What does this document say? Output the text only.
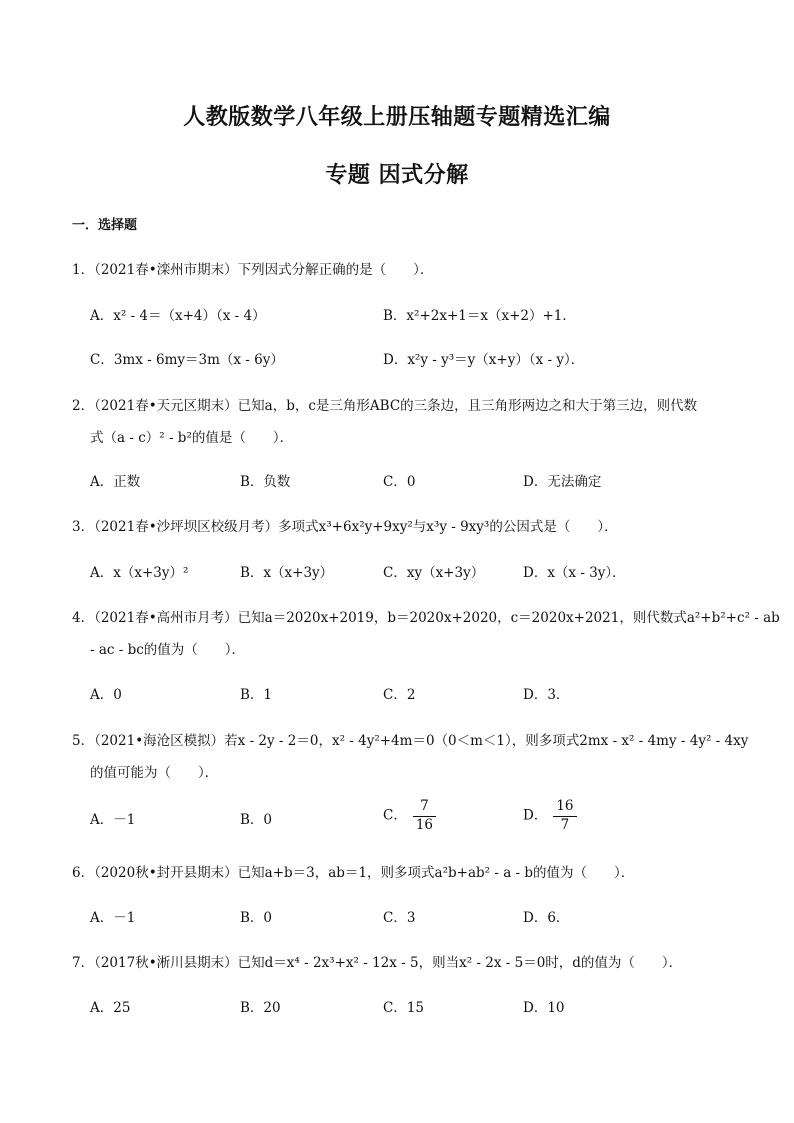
人教版数学八年级上册压轴题专题精选汇编
专题 因式分解
一．选择题
1．（2021春•滦州市期末）下列因式分解正确的是（　　）．
A．x² - 4＝（x+4）（x - 4）	B．x²+2x+1＝x（x+2）+1．
C．3mx - 6my＝3m（x - 6y）	D．x²y - y³＝y（x+y）（x - y）．
2．（2021春•天元区期末）已知a，b，c是三角形ABC的三条边，且三角形两边之和大于第三边，则代数
式（a - c）² - b²的值是（　　）．
A．正数	B．负数	C．0	D．无法确定
3．（2021春•沙坪坝区校级月考）多项式x³+6x²y+9xy²与x³y - 9xy³的公因式是（　　）．
A．x（x+3y）²	B．x（x+3y）	C．xy（x+3y）	D．x（x - 3y）．
4．（2021春•高州市月考）已知a＝2020x+2019，b＝2020x+2020，c＝2020x+2021，则代数式a²+b²+c² - ab
- ac - bc的值为（　　）．
A．0	B．1	C．2	D．3．
5．（2021•海沧区模拟）若x - 2y - 2＝0，x² - 4y²+4m＝0（0＜m＜1），则多项式2mx - x² - 4my - 4y² - 4xy
的值可能为（　　）．
A．－1	B．0	C． $\frac{7}{16}$	D． $\frac{16}{7}$
6．（2020秋•封开县期末）已知a+b＝3，ab＝1，则多项式a²b+ab² - a - b的值为（　　）．
A．－1	B．0	C．3	D．6．
7．（2017秋•淅川县期末）已知d＝x⁴ - 2x³+x² - 12x - 5，则当x² - 2x - 5＝0时，d的值为（　　）．
A．25	B．20	C．15	D．10
